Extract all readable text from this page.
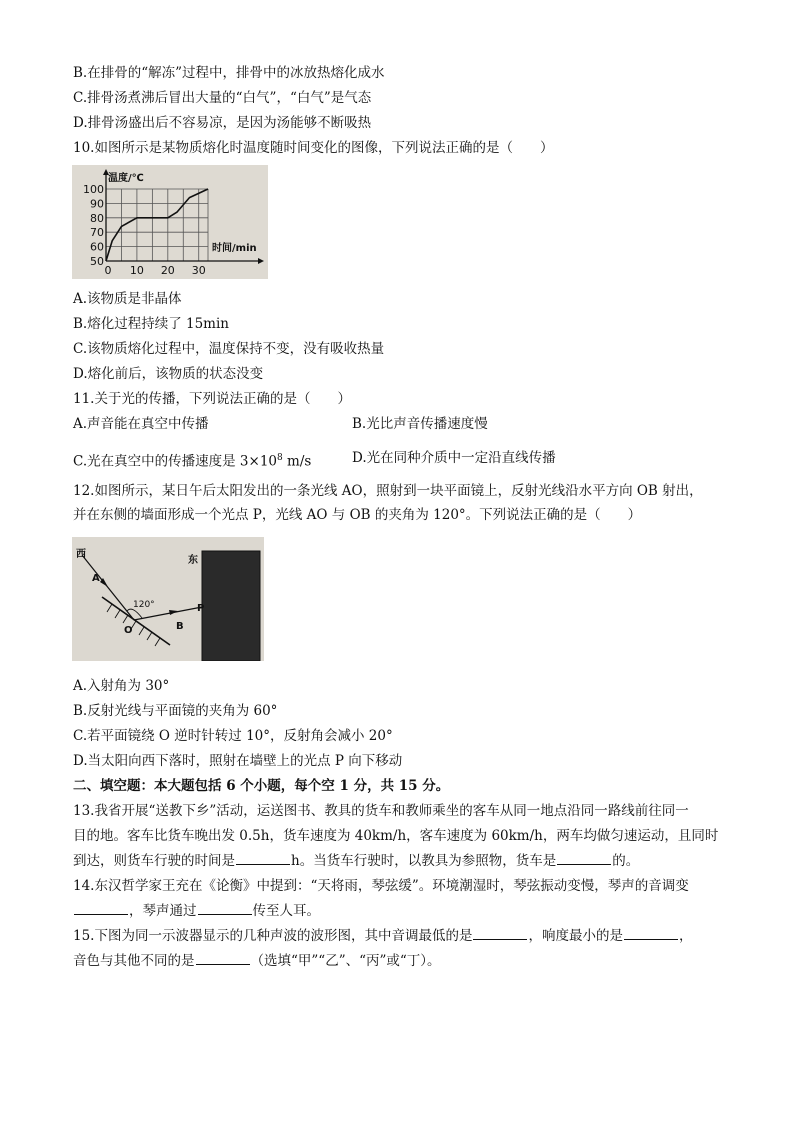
B.在排骨的“解冻”过程中，排骨中的冰放热熔化成水
C.排骨汤煮沸后冒出大量的“白气”，“白气”是气态
D.排骨汤盛出后不容易凉，是因为汤能够不断吸热
10.如图所示是某物质熔化时温度随时间变化的图像，下列说法正确的是（　　）
50
60
70
80
90
100
10 20 30
0
温度/℃
时间/min
A.该物质是非晶体
B.熔化过程持续了 15min
C.该物质熔化过程中，温度保持不变，没有吸收热量
D.熔化前后，该物质的状态没变
11.关于光的传播，下列说法正确的是（　　）
A.声音能在真空中传播	B.光比声音传播速度慢
C.光在真空中的传播速度是 $3\times 10^8$ m/s	D.光在同种介质中一定沿直线传播
12.如图所示，某日午后太阳发出的一条光线 AO，照射到一块平面镜上，反射光线沿水平方向 OB 射出，
并在东侧的墙面形成一个光点 P，光线 AO 与 OB 的夹角为 120°。下列说法正确的是（　　）
西
东
A
O	B
P
120°
A.入射角为 30°
B.反射光线与平面镜的夹角为 60°
C.若平面镜绕 O 逆时针转过 10°，反射角会减小 20°
D.当太阳向西下落时，照射在墙壁上的光点 P 向下移动
二、填空题：本大题包括 6 个小题，每个空 1 分，共 15 分。
13.我省开展“送教下乡”活动，运送图书、教具的货车和教师乘坐的客车从同一地点沿同一路线前往同一
目的地。客车比货车晚出发 0.5h，货车速度为 40km/h，客车速度为 60km/h，两车均做匀速运动，且同时
到达，则货车行驶的时间是	h。当货车行驶时，以教具为参照物，货车是	的。
14.东汉哲学家王充在《论衡》中提到：“天将雨，琴弦缓”。环境潮湿时，琴弦振动变慢，琴声的音调变
，琴声通过	传至人耳。
15.下图为同一示波器显示的几种声波的波形图，其中音调最低的是	，响度最小的是	，
音色与其他不同的是	（选填“甲”“乙”、“丙”或“丁）。
